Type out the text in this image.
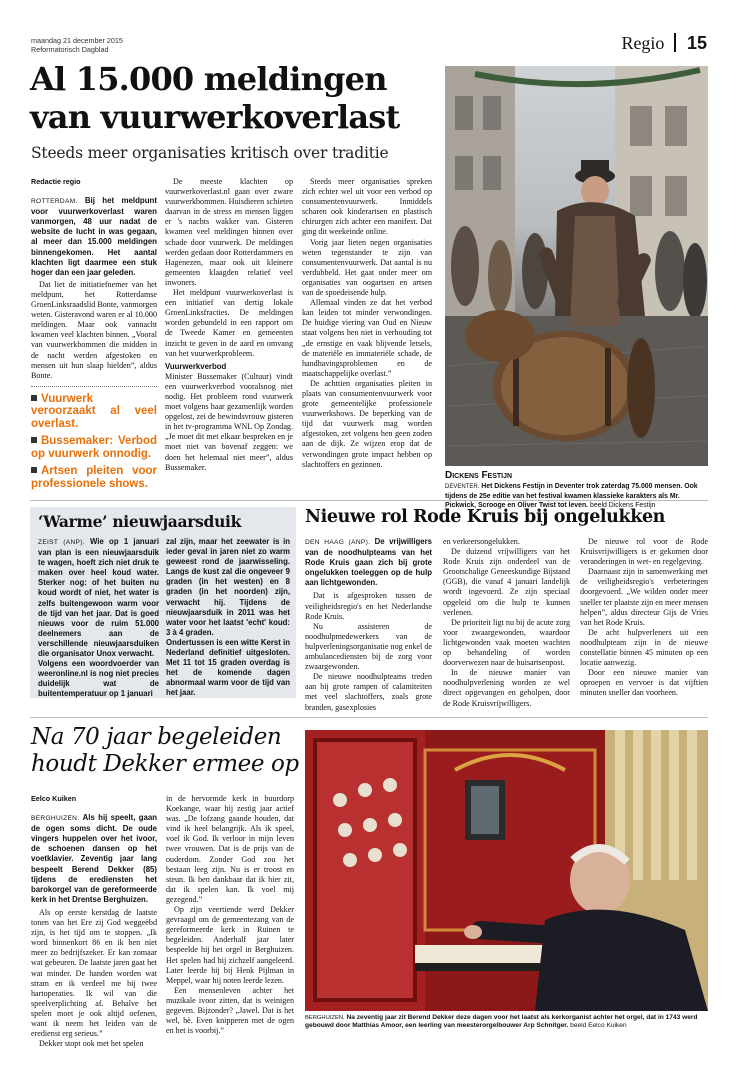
maandag 21 december 2015
Reformatorisch Dagblad	Regio 15
Al 15.000 meldingen
van vuurwerkoverlast
Steeds meer organisaties kritisch over traditie
Redactie regio

ROTTERDAM. Bij het meldpunt voor vuurwerkoverlast waren vanmorgen, 48 uur nadat de website de lucht in was gegaan, al meer dan 15.000 meldingen binnengekomen. Het aantal klachten ligt daarmee een stuk hoger dan een jaar geleden.

Dat liet de initiatiefnemer van het meldpunt, het Rotterdamse GroenLinksraadslid Bonte, vanmorgen weten. Gisteravond waren er al 10.000 meldingen. Maar ook vannacht kwamen veel klachten binnen. „Vooral van vuurwerkbommen die midden in de nacht werden afgestoken en mensen uit hun slaap hielden”, aldus Bonte.

Vuurwerk veroorzaakt al veel overlast.
Bussemaker: Verbod op vuurwerk onnodig.
Artsen pleiten voor professionele shows.

De meeste klachten op vuurwerkoverlast.nl gaan over zware vuurwerkbommen. Huisdieren schieten daarvan in de stress en mensen liggen er 's nachts wakker van. Gisteren kwamen veel meldingen binnen over schade door vuurwerk. De meldingen werden gedaan door Rotterdammers en Hagenezen, maar ook uit kleinere gemeenten klaagden relatief veel inwoners.

Het meldpunt vuurwerkoverlast is een initiatief van dertig lokale GroenLinksfracties. De meldingen worden gebundeld in een rapport om de Tweede Kamer en gemeenten inzicht te geven in de aard en omvang van het vuurwerkprobleem.

Vuurwerkverbod

Minister Bussemaker (Cultuur) vindt een vuurwerkverbod vooralsnog niet nodig. Het probleem rond vuurwerk moet volgens haar gezamenlijk worden opgelost, zei de bewindsvrouw gisteren in het tv-programma WNL Op Zondag. „Je moet dit met elkaar bespreken en je moet niet van bovenaf zeggen: we doen het helemaal niet meer”, aldus Bussemaker.

Steeds meer organisaties spreken zich echter wel uit voor een verbod op consumentenvuurwerk. Inmiddels scharen ook kinderartsen en plastisch chirurgen zich achter een manifest. Dat ging dit weekeinde online.

Vorig jaar lieten negen organisaties weten tegenstander te zijn van consumentenvuurwerk. Dat aantal is nu verdubbeld. Het gaat onder meer om organisaties van oogartsen en artsen van de spoedeisende hulp.

Allemaal vinden ze dat het verbod kan leiden tot minder verwondingen. De huidige viering van Oud en Nieuw staat volgens hen niet in verhouding tot „de ernstige en vaak blijvende letsels, de materiële en immateriële schade, de handhavingsproblemen en de maatschappelijke overlast.”

De achttien organisaties pleiten in plaats van consumentenvuurwerk voor grote gemeentelijke professionele vuurwerkshows. De beperking van de tijd dat vuurwerk mag worden afgestoken, zet volgens hen geen zoden aan de dijk. Ze wijzen erop dat de verwondingen grote impact hebben op slachtoffers en gezinnen.

Dickens Festijn
DEVENTER. Het Dickens Festijn in Deventer trok zaterdag 75.000 mensen. Ook tijdens de 25e editie van het festival kwamen klassieke karakters als Mr. Pickwick, Scrooge en Oliver Twist tot leven. beeld Dickens Festijn
‘Warme’ nieuwjaarsduik

ZEIST (ANP). Wie op 1 januari van plan is een nieuwjaarsduik te wagen, hoeft zich niet druk te maken over heel koud water. Sterker nog: of het buiten nu koud wordt of niet, het water is zelfs buitengewoon warm voor de tijd van het jaar. Dat is goed nieuws voor de ruim 51.000 deelnemers aan de verschillende nieuwjaarsduiken die organisator Unox verwacht.

Volgens een woordvoerder van weeronline.nl is nog niet precies duidelijk wat de buitentemperatuur op 1 januari

zal zijn, maar het zeewater is in ieder geval in jaren niet zo warm geweest rond de jaarwisseling. Langs de kust zal die ongeveer 9 graden (in het westen) en 8 graden (in het noorden) zijn, verwacht hij. Tijdens de nieuwjaarsduik in 2011 was het water voor het laatst 'echt' koud: 3 à 4 graden.

Ondertussen is een witte Kerst in Nederland definitief uitgesloten. Met 11 tot 15 graden overdag is het de komende dagen abnormaal warm voor de tijd van het jaar.

Nieuwe rol Rode Kruis bij ongelukken

DEN HAAG (ANP). De vrijwilligers van de noodhulpteams van het Rode Kruis gaan zich bij grote ongelukken toeleggen op de hulp aan lichtgewonden.

Dat is afgesproken tussen de veiligheidsregio's en het Nederlandse Rode Kruis.

Nu assisteren de noodhulpmedewerkers van de hulpverleningsorganisatie nog enkel de ambulancediensten bij de zorg voor zwaargewonden.

De nieuwe noodhulpteams treden aan bij grote rampen of calamiteiten met veel slachtoffers, zoals grote branden, gasexplosies

en verkeersongelukken.

De duizend vrijwilligers van het Rode Kruis zijn onderdeel van de Grootschalige Geneeskundige Bijstand (GGB), die vanaf 4 januari landelijk wordt ingevoerd. Ze zijn speciaal opgeleid om die hulp te kunnen verlenen.

De prioriteit ligt nu bij de acute zorg voor zwaargewonden, waardoor lichtgewonden vaak moeten wachten op behandeling of worden doorverwezen naar de huisartsenpost.

In de nieuwe manier van noodhulpverlening worden ze wel direct opgevangen en geholpen, door de Rode Kruisvrijwilligers.

De nieuwe rol voor de Rode Kruisvrijwilligers is er gekomen door veranderingen in wet- en regelgeving.

Daarnaast zijn in samenwerking met de veiligheidsregio's verbeteringen doorgevoerd. „We wilden onder meer sneller ter plaatste zijn en meer mensen helpen”, aldus directeur Gijs de Vries van het Rode Kruis.

De acht hulpverleners uit een noodhulpteam zijn in de nieuwe constellatie binnen 45 minuten op een locatie aanwezig.

Door een nieuwe manier van oproepen en vervoer is dat vijftien minuten sneller dan voorheen.

Na 70 jaar begeleiden
houdt Dekker ermee op
Eelco Kuiken

BERGHUIZEN. Als hij speelt, gaan de ogen soms dicht. De oude vingers huppelen over het ivoor, de schoenen dansen op het voetklavier. Zeventig jaar lang bespeelt Berend Dekker (85) tijdens de erediensten het barokorgel van de gereformeerde kerk in het Drentse Berghuizen.

Als op eerste kerstdag de laatste tonen van het Ere zij God weggeëbd zijn, is het tijd om te stoppen. „Ik word binnenkort 86 en ik ben niet meer zo bedrijfszeker. Er kan zomaar wat gebeuren. De laatste jaren gaat het wat minder. De handen worden wat stram en ik verdeel me bij twee hartoperaties. Ik wil van die speelverplichting af. Behalve het spelen moet je ook altijd oefenen, want ik neem het leiden van de eredienst erg serieus.”

Dekker stopt ook met het spelen

in de hervormde kerk in buurdorp Koekange, waar hij zestig jaar actief was. „De lofzang gaande houden, dat vind ik heel belangrijk. Als ik speel, voel ik God. Ik verloor in mijn leven twee vrouwen. Dat is de prijs van de ouderdom. Zonder God zou het bestaan leeg zijn. Nu is er troost en steun. Ik ben dankbaar dat ik hier zit, dat ik spelen kan. Ik voel mij gezegend.”

Op zijn veertiende werd Dekker gevraagd om de gemeentezang van de gereformeerde kerk in Ruinen te begeleiden. Anderhalf jaar later bespeelde hij het orgel in Berghuizen. Het spelen had hij zichzelf aangeleerd. Later leerde hij bij Henk Pijlman in Meppel, waar hij noten leerde lezen.

Een mensenleven achter het muzikale ivoor zitten, dat is weinigen gegeven. Bijzonder? „Jawel. Dat is het wel, hè. Even knipperen met de ogen en het is voorbij.”

BERGHUIZEN. Na zeventig jaar zit Berend Dekker deze dagen voor het laatst als kerkorganist achter het orgel, dat in 1743 werd gebouwd door Matthias Amoor, een leerling van meesterorgelbouwer Arp Schnitger. beeld Eelco Kuiken
